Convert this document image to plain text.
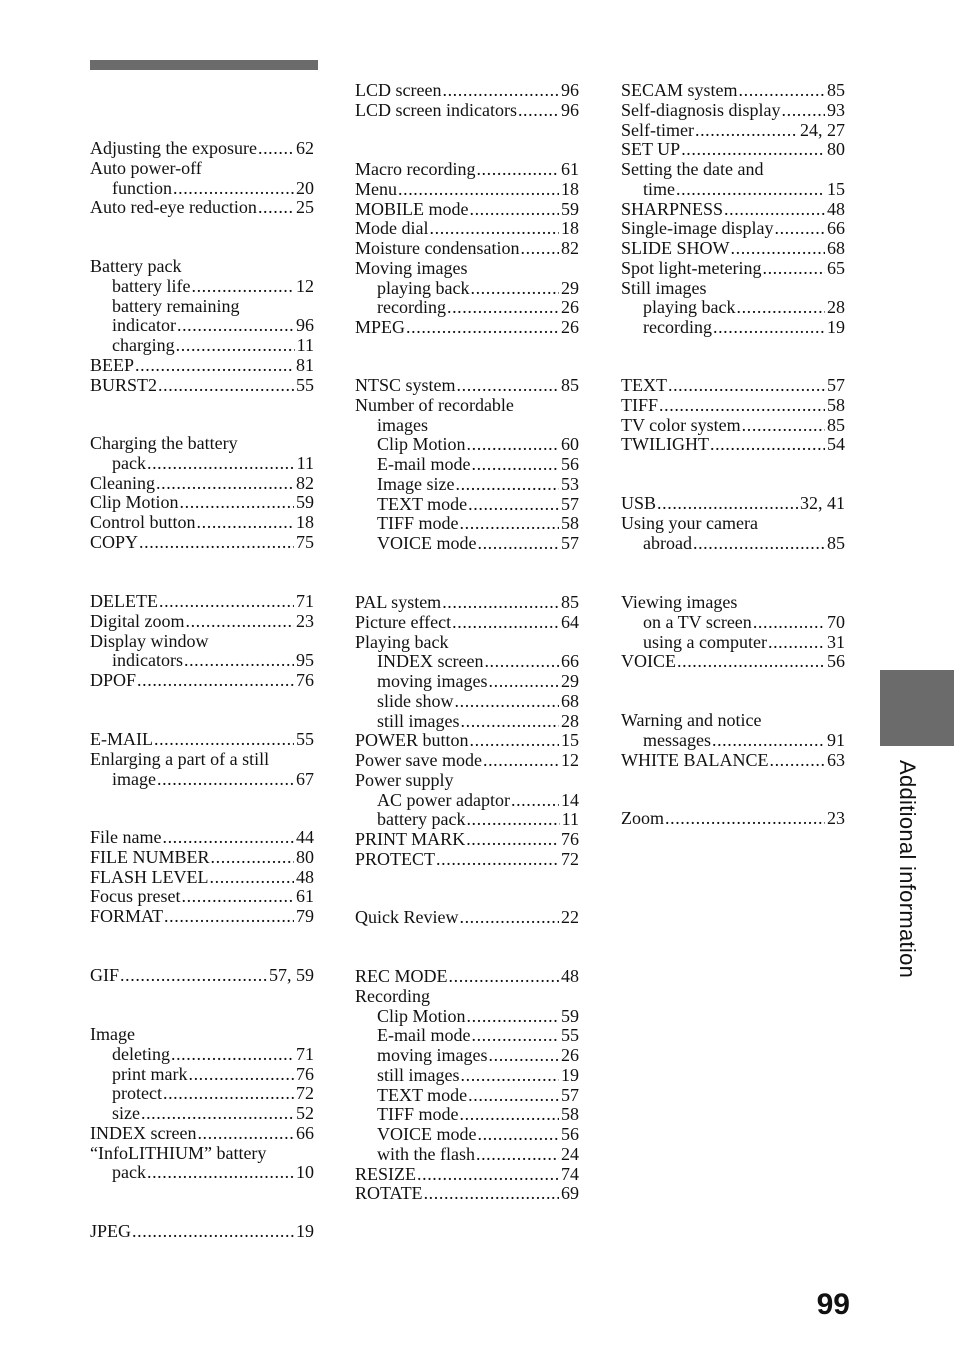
Adjusting the exposure ..... 62
Auto power-off
function .....	20
Auto red-eye reduction ..... 25
Battery pack
battery life .....	12
battery remaining
indicator .....	96
charging .....	11
BEEP .....	81
BURST2 .....	55
Charging the battery
pack .....	11
Cleaning .....	82
Clip Motion .....	59
Control button .....	18
COPY .....	75
DELETE .....	71
Digital zoom .....	23
Display window
indicators .....	95
DPOF .....	76
E-MAIL .....	55
Enlarging a part of a still
image .....	67
File name .....	44
FILE NUMBER .....	80
FLASH LEVEL .....	48
Focus preset .....	61
FORMAT .....	79
GIF .....	57, 59
Image
deleting .....	71
print mark .....	76
protect .....	72
size .....	52
INDEX screen .....	66
“InfoLITHIUM” battery
pack .....	10
JPEG .....	19
LCD screen .....	96
LCD screen indicators ..... 96
Macro recording .....	61
Menu .....	18
MOBILE mode .....	59
Mode dial .....	18
Moisture condensation ..... 82
Moving images
playing back .....	29
recording .....	26
MPEG .....	26
NTSC system .....	85
Number of recordable
images
Clip Motion .....	60
E-mail mode .....	56
Image size .....	53
TEXT mode .....	57
TIFF mode .....	58
VOICE mode .....	57
PAL system .....	85
Picture effect .....	64
Playing back
INDEX screen .....	66
moving images .....	29
slide show .....	68
still images .....	28
POWER button .....	15
Power save mode .....	12
Power supply
AC power adaptor .....	14
battery pack .....	11
PRINT MARK .....	76
PROTECT .....	72
Quick Review .....	22
REC MODE .....	48
Recording
Clip Motion .....	59
E-mail mode .....	55
moving images .....	26
still images .....	19
TEXT mode .....	57
TIFF mode .....	58
VOICE mode .....	56
with the flash .....	24
RESIZE .....	74
ROTATE .....	69
SECAM system .....	85
Self-diagnosis display .....	93
Self-timer .....	24, 27
SET UP .....	80
Setting the date and
time .....	15
SHARPNESS .....	48
Single-image display .....	66
SLIDE SHOW .....	68
Spot light-metering .....	65
Still images
playing back .....	28
recording .....	19
TEXT .....	57
TIFF .....	58
TV color system .....	85
TWILIGHT .....	54
USB .....	32, 41
Using your camera
abroad .....	85
Viewing images
on a TV screen .....	70
using a computer .....	31
VOICE .....	56
Warning and notice
messages .....	91
WHITE BALANCE .....	63
Zoom .....	23 Additional information
99
